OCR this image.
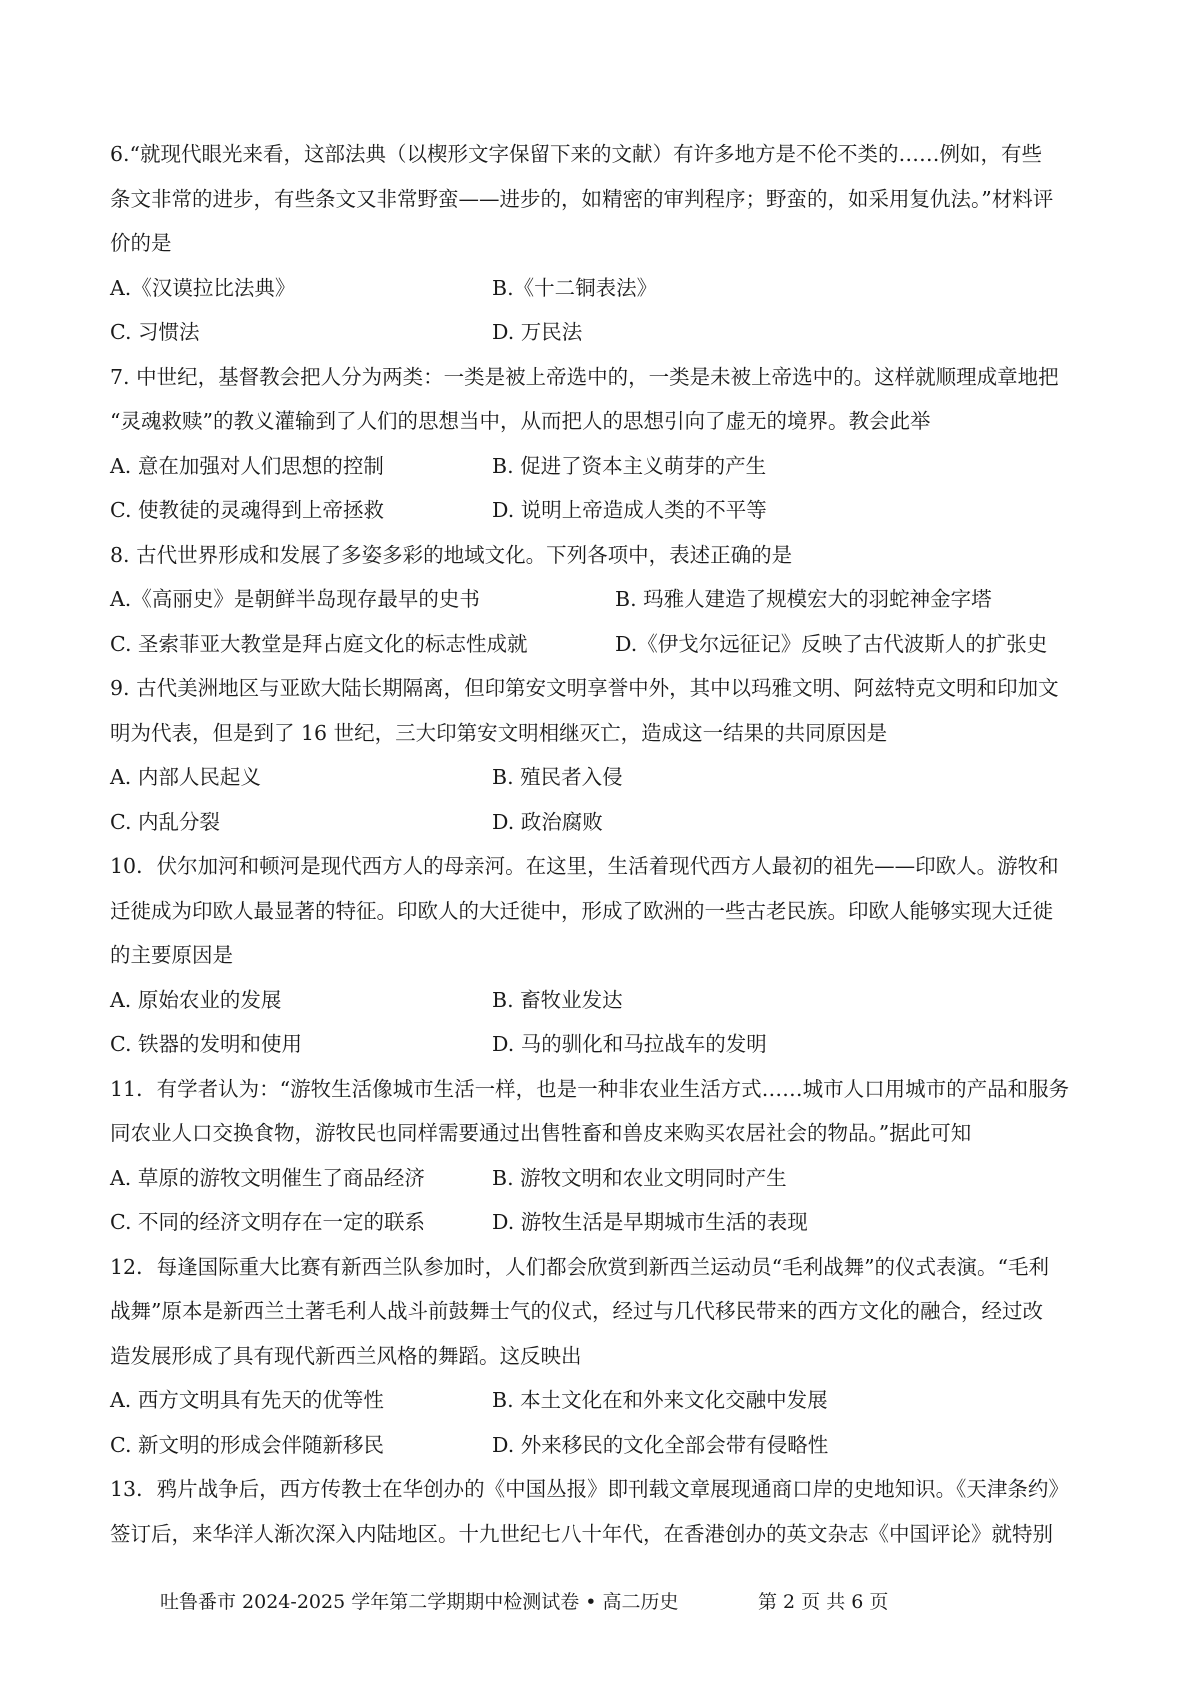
6.“就现代眼光来看，这部法典（以楔形文字保留下来的文献）有许多地方是不伦不类的……例如，有些
条文非常的进步，有些条文又非常野蛮——进步的，如精密的审判程序；野蛮的，如采用复仇法。”材料评
价的是
A.《汉谟拉比法典》	B.《十二铜表法》
C. 习惯法	D. 万民法
7. 中世纪，基督教会把人分为两类：一类是被上帝选中的，一类是未被上帝选中的。这样就顺理成章地把
“灵魂救赎”的教义灌输到了人们的思想当中，从而把人的思想引向了虚无的境界。教会此举
A. 意在加强对人们思想的控制	B. 促进了资本主义萌芽的产生
C. 使教徒的灵魂得到上帝拯救	D. 说明上帝造成人类的不平等
8. 古代世界形成和发展了多姿多彩的地域文化。下列各项中，表述正确的是
A.《高丽史》是朝鲜半岛现存最早的史书	B. 玛雅人建造了规模宏大的羽蛇神金字塔
C. 圣索菲亚大教堂是拜占庭文化的标志性成就	D.《伊戈尔远征记》反映了古代波斯人的扩张史
9. 古代美洲地区与亚欧大陆长期隔离，但印第安文明享誉中外，其中以玛雅文明、阿兹特克文明和印加文
明为代表，但是到了 16 世纪，三大印第安文明相继灭亡，造成这一结果的共同原因是
A. 内部人民起义	B. 殖民者入侵
C. 内乱分裂	D. 政治腐败
10．伏尔加河和顿河是现代西方人的母亲河。在这里，生活着现代西方人最初的祖先——印欧人。游牧和
迁徙成为印欧人最显著的特征。印欧人的大迁徙中，形成了欧洲的一些古老民族。印欧人能够实现大迁徙
的主要原因是
A. 原始农业的发展	B. 畜牧业发达
C. 铁器的发明和使用	D. 马的驯化和马拉战车的发明
11．有学者认为：“游牧生活像城市生活一样，也是一种非农业生活方式……城市人口用城市的产品和服务
同农业人口交换食物，游牧民也同样需要通过出售牲畜和兽皮来购买农居社会的物品。”据此可知
A. 草原的游牧文明催生了商品经济	B. 游牧文明和农业文明同时产生
C. 不同的经济文明存在一定的联系	D. 游牧生活是早期城市生活的表现
12．每逢国际重大比赛有新西兰队参加时，人们都会欣赏到新西兰运动员“毛利战舞”的仪式表演。“毛利
战舞”原本是新西兰土著毛利人战斗前鼓舞士气的仪式，经过与几代移民带来的西方文化的融合，经过改
造发展形成了具有现代新西兰风格的舞蹈。这反映出
A. 西方文明具有先天的优等性	B. 本土文化在和外来文化交融中发展
C. 新文明的形成会伴随新移民	D. 外来移民的文化全部会带有侵略性
13．鸦片战争后，西方传教士在华创办的《中国丛报》即刊载文章展现通商口岸的史地知识。《天津条约》
签订后，来华洋人渐次深入内陆地区。十九世纪七八十年代，在香港创办的英文杂志《中国评论》就特别
吐鲁番市 2024-2025 学年第二学期期中检测试卷 • 高二历史	第 2 页 共 6 页
